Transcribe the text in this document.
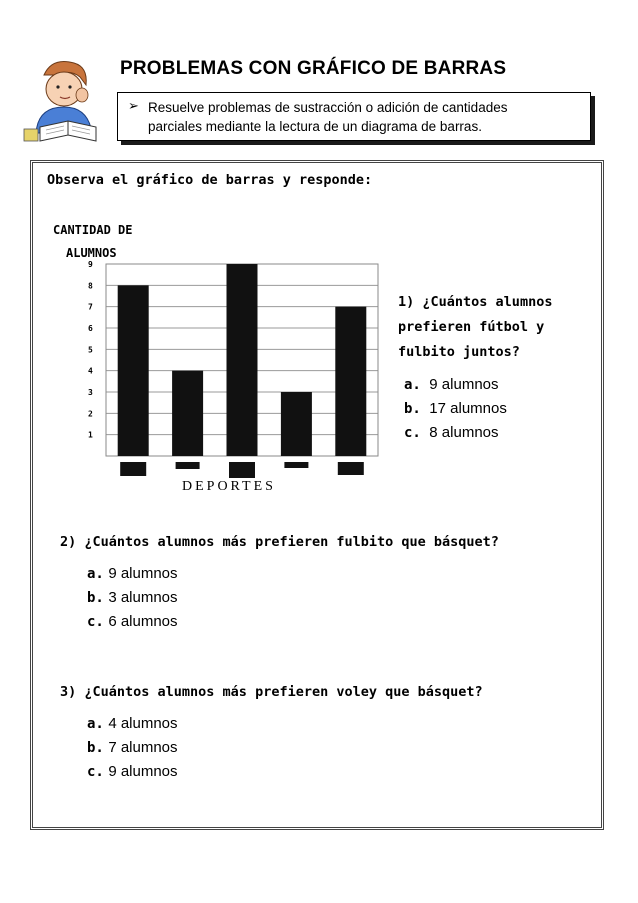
PROBLEMAS CON GRÁFICO DE BARRAS
➢ Resuelve problemas de sustracción o adición de cantidades
parciales mediante la lectura de un diagrama de barras.
Observa el gráfico de barras y responde:
CANTIDAD DE
ALUMNOS
1
2
3
4
5
6
7
8
9
DEPORTES
1) ¿Cuántos alumnos
prefieren fútbol y
fulbito juntos?
a. 9 alumnos
b. 17 alumnos
c. 8 alumnos
2) ¿Cuántos alumnos más prefieren fulbito que básquet?
a. 9 alumnos
b. 3 alumnos
c. 6 alumnos
3) ¿Cuántos alumnos más prefieren voley que básquet?
a. 4 alumnos
b. 7 alumnos
c. 9 alumnos
